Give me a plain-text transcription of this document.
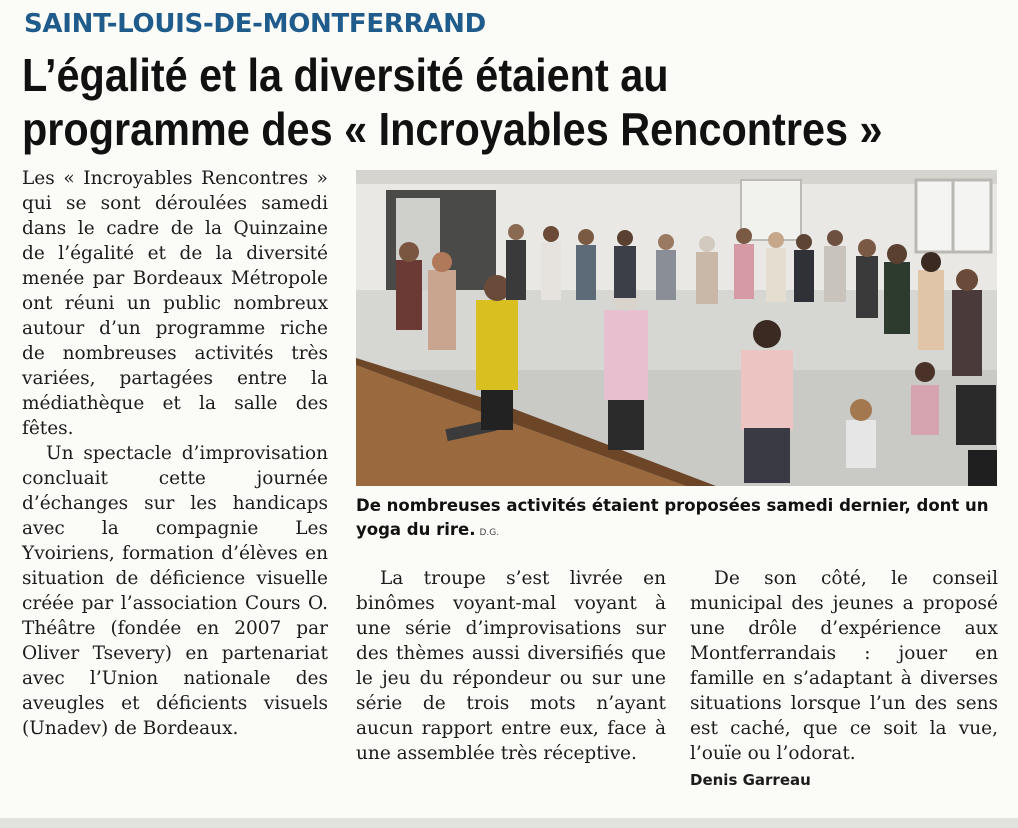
SAINT-LOUIS-DE-MONTFERRAND
L’égalité et la diversité étaient au
programme des « Incroyables Rencontres »

Les « Incroyables Rencontres » qui se sont déroulées samedi dans le cadre de la Quinzaine de l’égalité et de la diversité menée par Bordeaux Métropole ont réuni un public nombreux autour d’un programme riche de nombreuses activités très variées, partagées entre la médiathèque et la salle des fêtes.

Un spectacle d’improvisation concluait cette journée d’échanges sur les handicaps avec la compagnie Les Yvoiriens, formation d’élèves en situation de déficience visuelle créée par l’association Cours O. Théâtre (fondée en 2007 par Oliver Tsevery) en partenariat avec l’Union nationale des aveugles et déficients visuels (Unadev) de Bordeaux.

De nombreuses activités étaient proposées samedi dernier, dont un yoga du rire. D.G.

La troupe s’est livrée en binômes voyant-mal voyant à une série d’improvisations sur des thèmes aussi diversifiés que le jeu du répondeur ou sur une série de trois mots n’ayant aucun rapport entre eux, face à une assemblée très réceptive.

De son côté, le conseil municipal des jeunes a proposé une drôle d’expérience aux Montferrandais : jouer en famille en s’adaptant à diverses situations lorsque l’un des sens est caché, que ce soit la vue, l’ouïe ou l’odorat.

Denis Garreau
